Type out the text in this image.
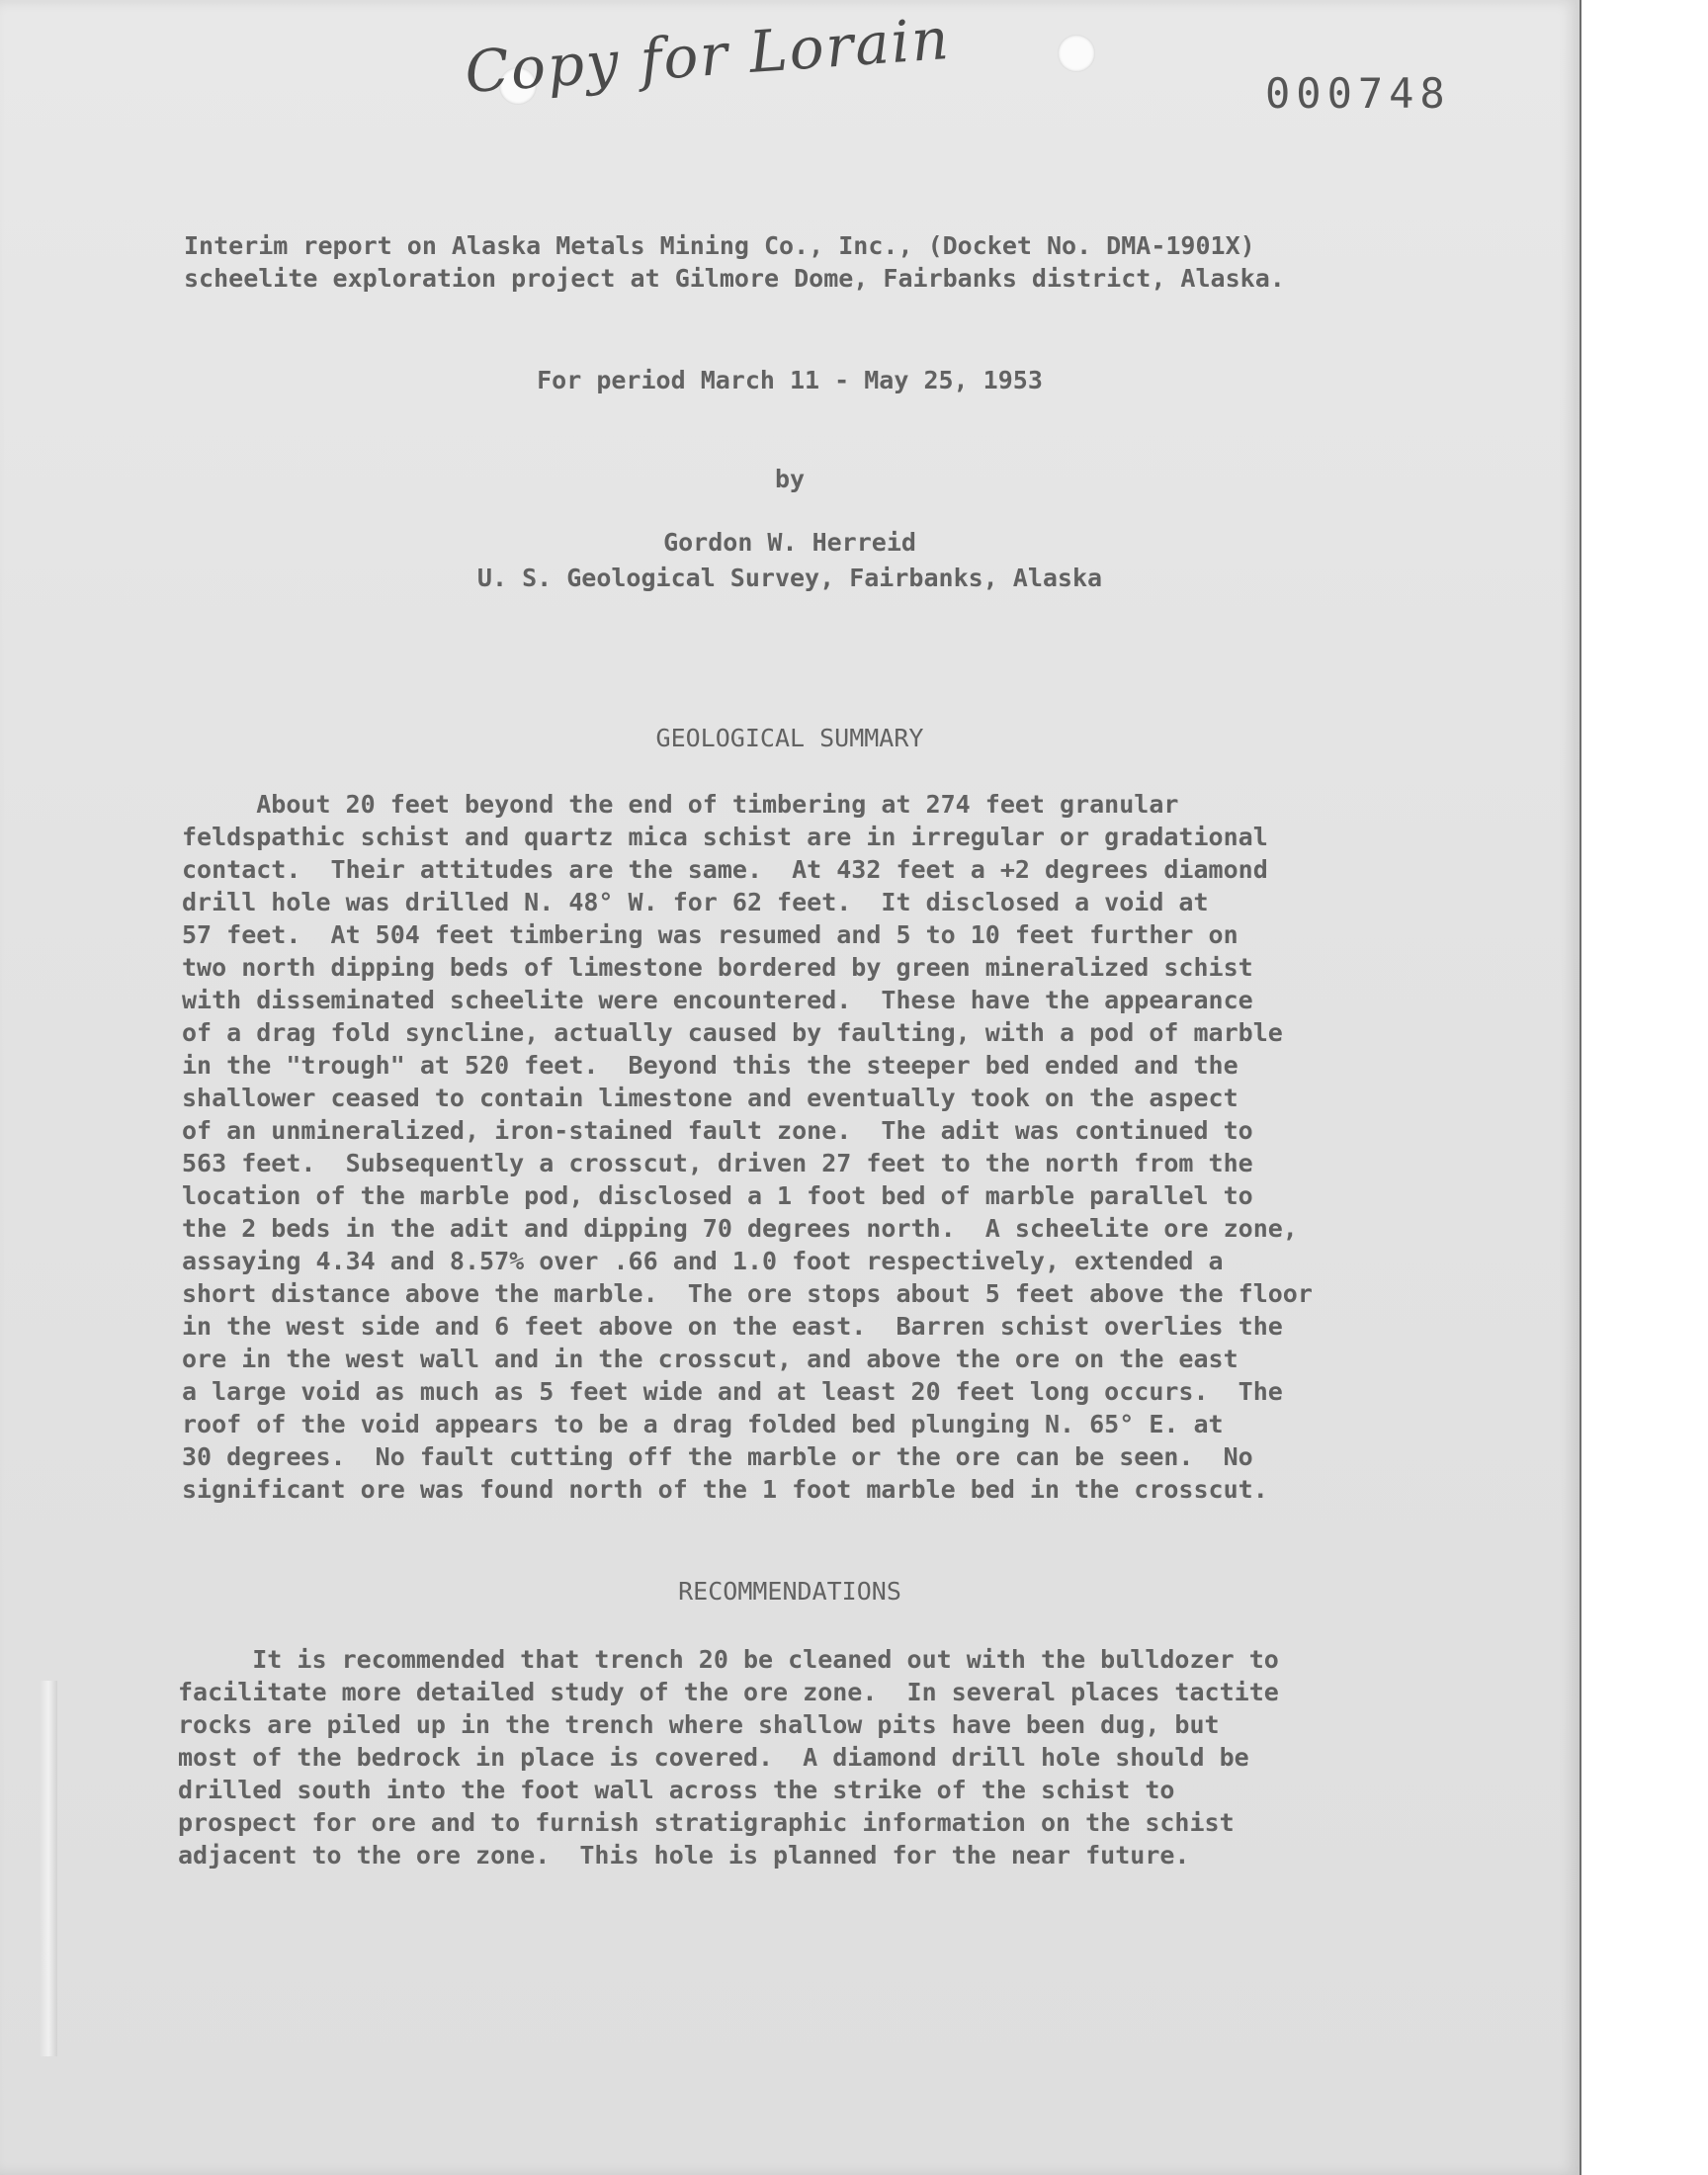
Copy for Lorain	000748
Interim report on Alaska Metals Mining Co., Inc., (Docket No. DMA-1901X)
scheelite exploration project at Gilmore Dome, Fairbanks district, Alaska.
For period March 11 - May 25, 1953
by
Gordon W. Herreid
U. S. Geological Survey, Fairbanks, Alaska
GEOLOGICAL SUMMARY
About 20 feet beyond the end of timbering at 274 feet granular
feldspathic schist and quartz mica schist are in irregular or gradational
contact.  Their attitudes are the same.  At 432 feet a +2 degrees diamond
drill hole was drilled N. 48° W. for 62 feet.  It disclosed a void at
57 feet.  At 504 feet timbering was resumed and 5 to 10 feet further on
two north dipping beds of limestone bordered by green mineralized schist
with disseminated scheelite were encountered.  These have the appearance
of a drag fold syncline, actually caused by faulting, with a pod of marble
in the "trough" at 520 feet.  Beyond this the steeper bed ended and the
shallower ceased to contain limestone and eventually took on the aspect
of an unmineralized, iron-stained fault zone.  The adit was continued to
563 feet.  Subsequently a crosscut, driven 27 feet to the north from the
location of the marble pod, disclosed a 1 foot bed of marble parallel to
the 2 beds in the adit and dipping 70 degrees north.  A scheelite ore zone,
assaying 4.34 and 8.57% over .66 and 1.0 foot respectively, extended a
short distance above the marble.  The ore stops about 5 feet above the floor
in the west side and 6 feet above on the east.  Barren schist overlies the
ore in the west wall and in the crosscut, and above the ore on the east
a large void as much as 5 feet wide and at least 20 feet long occurs.  The
roof of the void appears to be a drag folded bed plunging N. 65° E. at
30 degrees.  No fault cutting off the marble or the ore can be seen.  No
significant ore was found north of the 1 foot marble bed in the crosscut.
RECOMMENDATIONS
It is recommended that trench 20 be cleaned out with the bulldozer to
facilitate more detailed study of the ore zone.  In several places tactite
rocks are piled up in the trench where shallow pits have been dug, but
most of the bedrock in place is covered.  A diamond drill hole should be
drilled south into the foot wall across the strike of the schist to
prospect for ore and to furnish stratigraphic information on the schist
adjacent to the ore zone.  This hole is planned for the near future.
